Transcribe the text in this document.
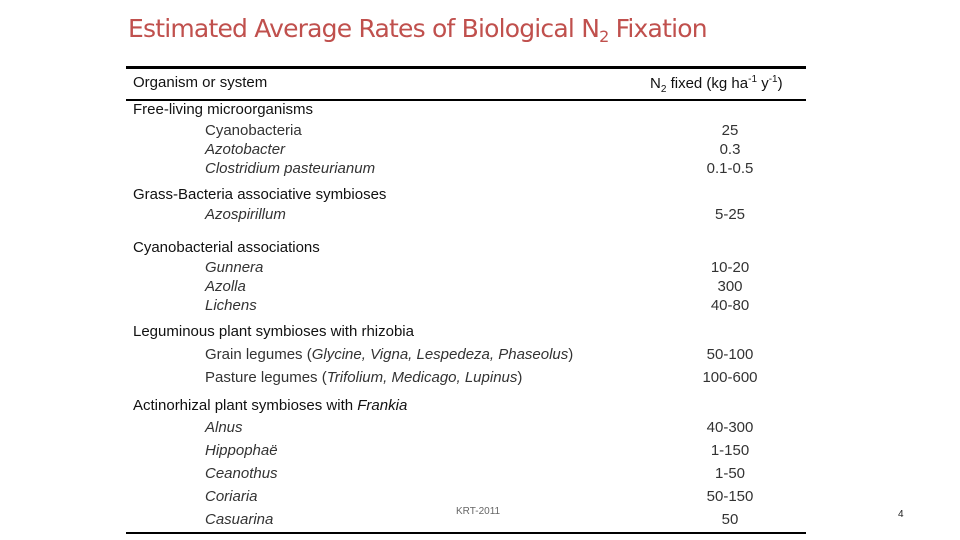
Estimated Average Rates of Biological $N_2$ Fixation
Organism or system	$N_2$ fixed (kg $ha^{-1}$ $y^{-1}$)
Free-living microorganisms
Cyanobacteria	25
Azotobacter	0.3
Clostridium pasteurianum	0.1-0.5
Grass-Bacteria associative symbioses
Azospirillum	5-25
Cyanobacterial associations
Gunnera	10-20
Azolla	300
Lichens	40-80
Leguminous plant symbioses with rhizobia
Grain legumes (Glycine, Vigna, Lespedeza, Phaseolus)	50-100
Pasture legumes (Trifolium, Medicago, Lupinus)	100-600
Actinorhizal plant symbioses with Frankia
Alnus	40-300
Hippophaë	1-150
Ceanothus	1-50
Coriaria	50-150
Casuarina	50
KRT-2011	4
